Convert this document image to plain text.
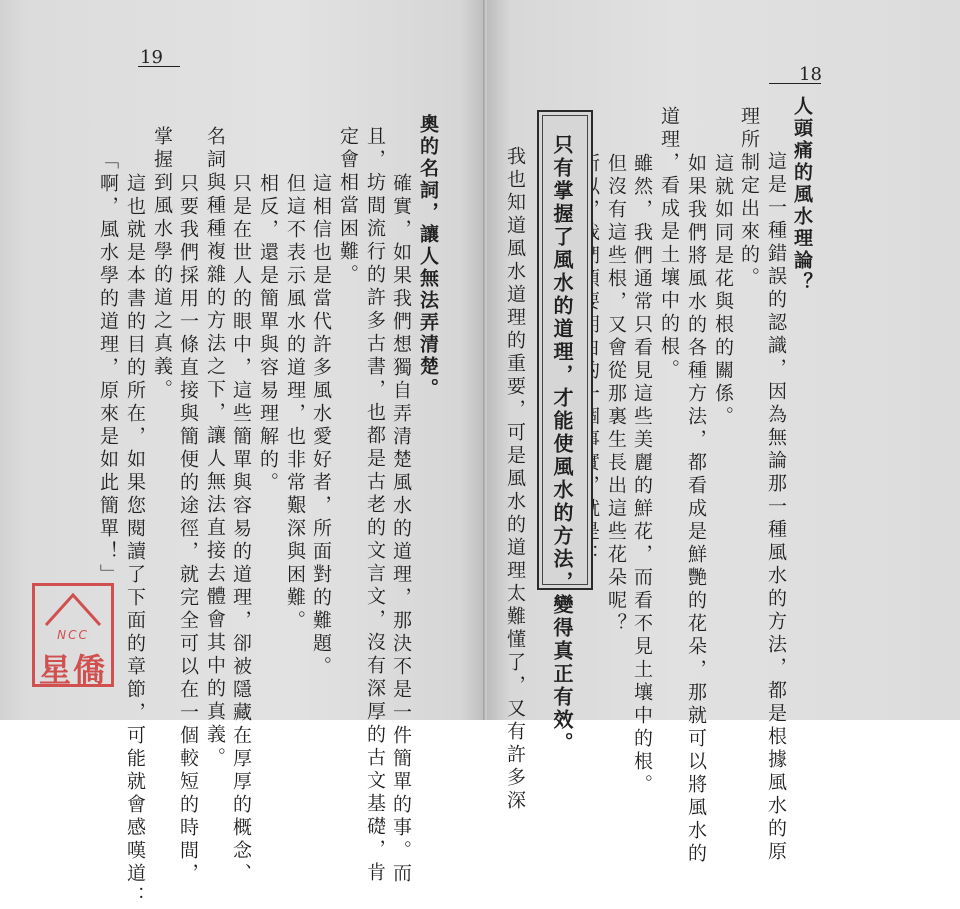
19
奧的名詞，讓人無法弄清楚。
　確實，如果我們想獨自弄清楚風水的道理，那決不是一件簡單的事。而
且，坊間流行的許多古書，也都是古老的文言文，沒有深厚的古文基礎，肯
定會相當困難。
　這相信也是當代許多風水愛好者，所面對的難題。
　但這不表示風水的道理，也非常艱深與困難。
　相反，還是簡單與容易理解的。
　只是在世人的眼中，這些簡單與容易的道理，卻被隱藏在厚厚的概念、
名詞與種種複雜的方法之下，讓人無法直接去體會其中的真義。
　只要我們採用一條直接與簡便的途徑，就完全可以在一個較短的時間，
掌握到風水學的道之真義。
　這也就是本書的目的所在，如果您閱讀了下面的章節，可能就會感嘆道：
「啊，風水學的道理，原來是如此簡單！」
18
人頭痛的風水理論？
　這是一種錯誤的認識，因為無論那一種風水的方法，都是根據風水的原
理所制定出來的。
　這就如同是花與根的關係。
　如果我們將風水的各種方法，都看成是鮮艷的花朵，那就可以將風水的
道理，看成是土壤中的根。
　雖然，我們通常只看見這些美麗的鮮花，而看不見土壤中的根。
　但沒有這些根，又會從那裏生長出這些花朵呢？
只有掌握了風水的道理，才能使風水的方法，變得真正有效。
我也知道風水道理的重要，可是風水的道理太難懂了，又有許多深
NCC
星僑
